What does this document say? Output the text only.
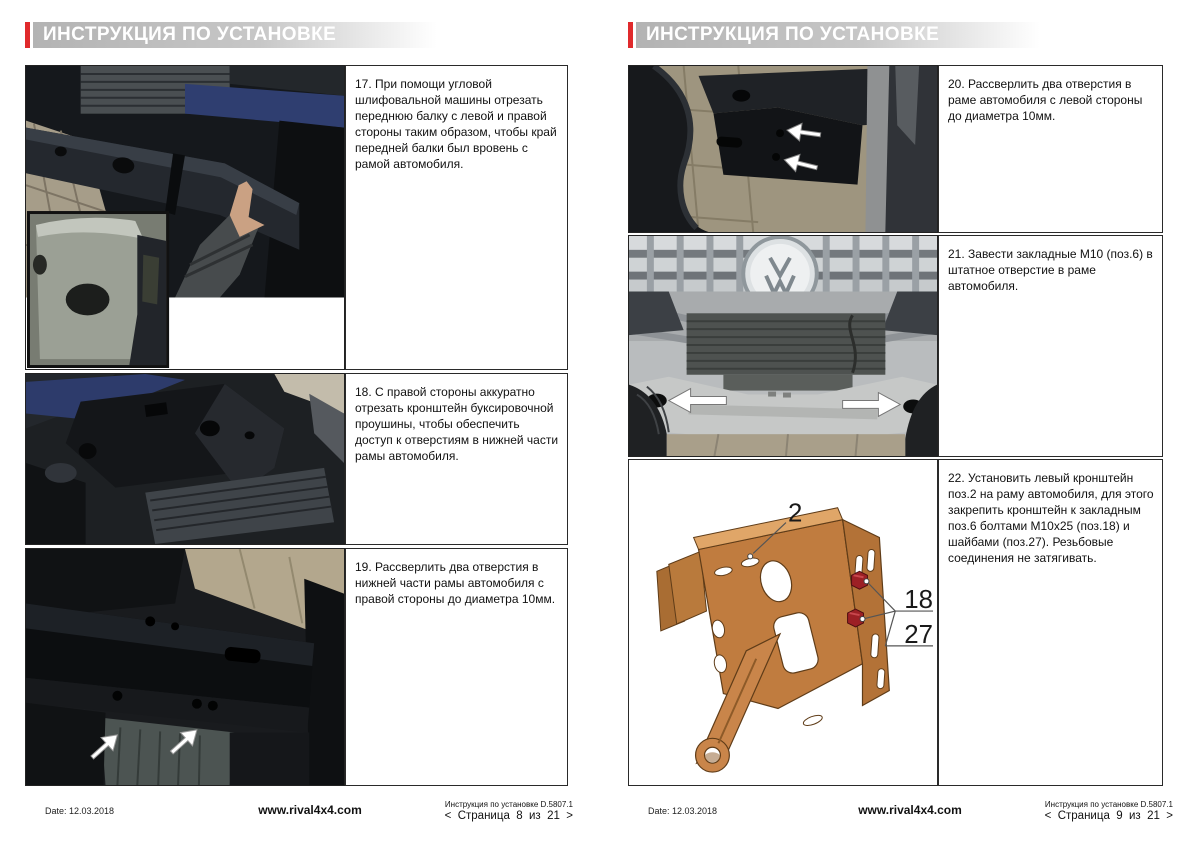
ИНСТРУКЦИЯ ПО УСТАНОВКЕ
17. При помощи угловой шлифовальной машины отрезать переднюю балку с левой и правой стороны таким образом, чтобы край передней балки был вровень с рамой автомобиля.
18. С правой стороны аккуратно отрезать кронштейн буксировочной проушины, чтобы обеспечить доступ к отверстиям в нижней части рамы автомобиля.
19. Рассверлить два отверстия в нижней части рамы автомобиля с правой стороны до диаметра 10мм.
Date: 12.03.2018	www.rival4x4.com	Инструкция по установке D.5807.1
<  Страница  8  из  21  >
ИНСТРУКЦИЯ ПО УСТАНОВКЕ
20. Рассверлить два отверстия в раме автомобиля с левой стороны до диаметра 10мм.
21. Завести закладные М10 (поз.6) в штатное отверстие в раме автомобиля.
2
18
27
22. Установить левый кронштейн поз.2 на раму автомобиля, для этого закрепить кронштейн к закладным поз.6 болтами М10х25 (поз.18) и шайбами (поз.27). Резьбовые соединения не затягивать.
Date: 12.03.2018	www.rival4x4.com	Инструкция по установке D.5807.1
<  Страница  9  из  21  >
